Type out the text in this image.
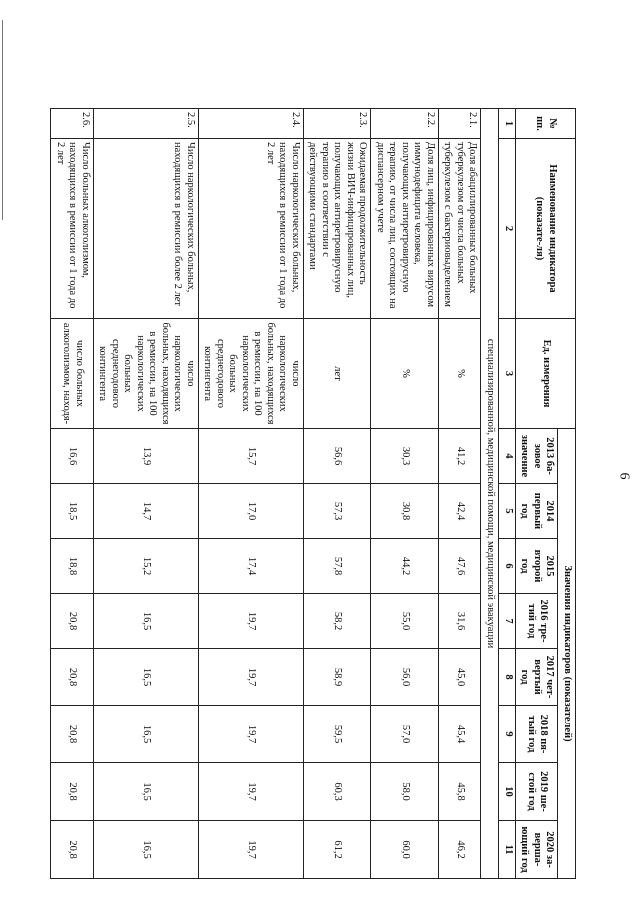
6
№ пп.	Наименование индикатора (показате-ля)	Ед. измерения	Значения индикаторов (показателей)							
			2013 ба-зовое значение	2014 первый год	2015 второй год	2016 тре-тий год	2017 чет-вертый год	2018 пя-тый год	2019 ше-стой год	2020 за-верша-ющий год
1	2	3	4	5	6	7	8	9	10	11
специализированной, медицинской помощи, медицинской эвакуации										
2.1.	Доля абациллированных больных туберкулезом от числа больных туберкулезом с бактериовыделением	%	41,2	42,4	47,6	31,6	45,0	45,4	45,8	46,2
2.2.	Доля лиц, инфицированных вирусом иммунодефицита человека, получающих антиретровирусную терапию, от числа лиц, состоящих на диспансерном учете	%	30,3	30,8	44,2	55,0	56,0	57,0	58,0	60,0
2.3.	Ожидаемая продолжительность жизни ВИЧ-инфицированных лиц, получающих антиретровирусную терапию в соответствии с действующими стандартами	лет	56,6	57,3	57,8	58,2	58,9	59,5	60,3	61,2
2.4.	Число наркологических больных, находящихся в ремиссии от 1 года до 2 лет	число наркологических больных, находящихся в ремиссии, на 100 наркологических больных среднегодового контингента	15,7	17,0	17,4	19,7	19,7	19,7	19,7	19,7
2.5.	Число наркологических больных, находящихся в ремиссии более 2 лет	число наркологических больных, находящихся в ремиссии, на 100 наркологических больных среднегодового контингента	13,9	14,7	15,2	16,5	16,5	16,5	16,5	16,5
2.6.	Число больных алкоголизмом, находящихся в ремиссии от 1 года до 2 лет	число больных алкоголизмом, находя-	16,6	18,5	18,8	20,8	20,8	20,8	20,8	20,8
